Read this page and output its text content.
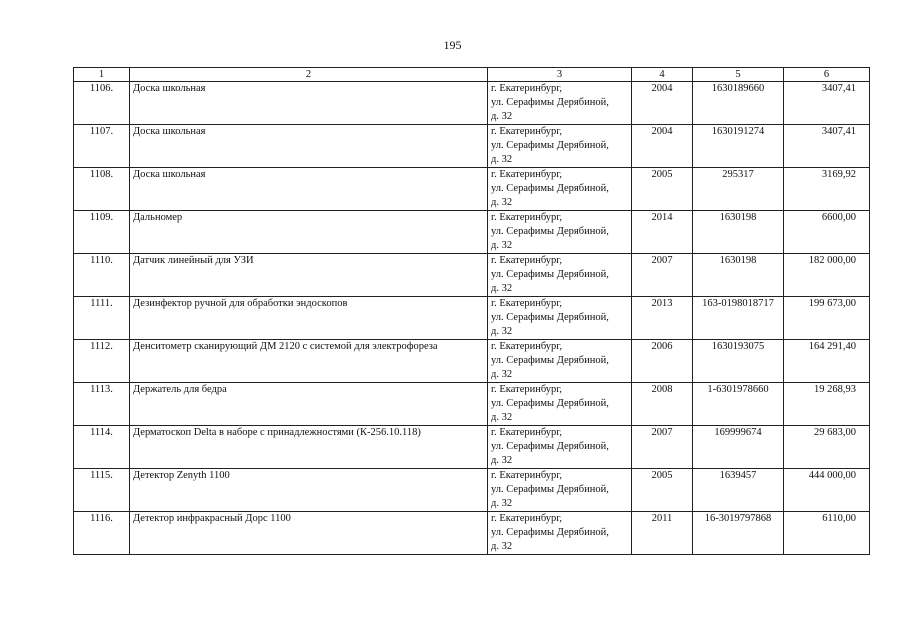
195
1	2	3	4	5	6
1106.	Доска школьная	г. Екатеринбург,
ул. Серафимы Дерябиной,
д. 32	2004	1630189660	3407,41
1107.	Доска школьная	г. Екатеринбург,
ул. Серафимы Дерябиной,
д. 32	2004	1630191274	3407,41
1108.	Доска школьная	г. Екатеринбург,
ул. Серафимы Дерябиной,
д. 32	2005	295317	3169,92
1109.	Дальномер	г. Екатеринбург,
ул. Серафимы Дерябиной,
д. 32	2014	1630198	6600,00
1110.	Датчик линейный для УЗИ	г. Екатеринбург,
ул. Серафимы Дерябиной,
д. 32	2007	1630198	182 000,00
1111.	Дезинфектор ручной для обработки эндоскопов	г. Екатеринбург,
ул. Серафимы Дерябиной,
д. 32	2013	163-0198018717	199 673,00
1112.	Денситометр сканирующий ДМ 2120 с системой для электрофореза	г. Екатеринбург,
ул. Серафимы Дерябиной,
д. 32	2006	1630193075	164 291,40
1113.	Держатель для бедра	г. Екатеринбург,
ул. Серафимы Дерябиной,
д. 32	2008	1-6301978660	19 268,93
1114.	Дерматоскоп Delta в наборе с принадлежностями (К-256.10.118)	г. Екатеринбург,
ул. Серафимы Дерябиной,
д. 32	2007	169999674	29 683,00
1115.	Детектор Zenyth 1100	г. Екатеринбург,
ул. Серафимы Дерябиной,
д. 32	2005	1639457	444 000,00
1116.	Детектор инфракрасный Дорс 1100	г. Екатеринбург,
ул. Серафимы Дерябиной,
д. 32	2011	16-3019797868	6110,00
